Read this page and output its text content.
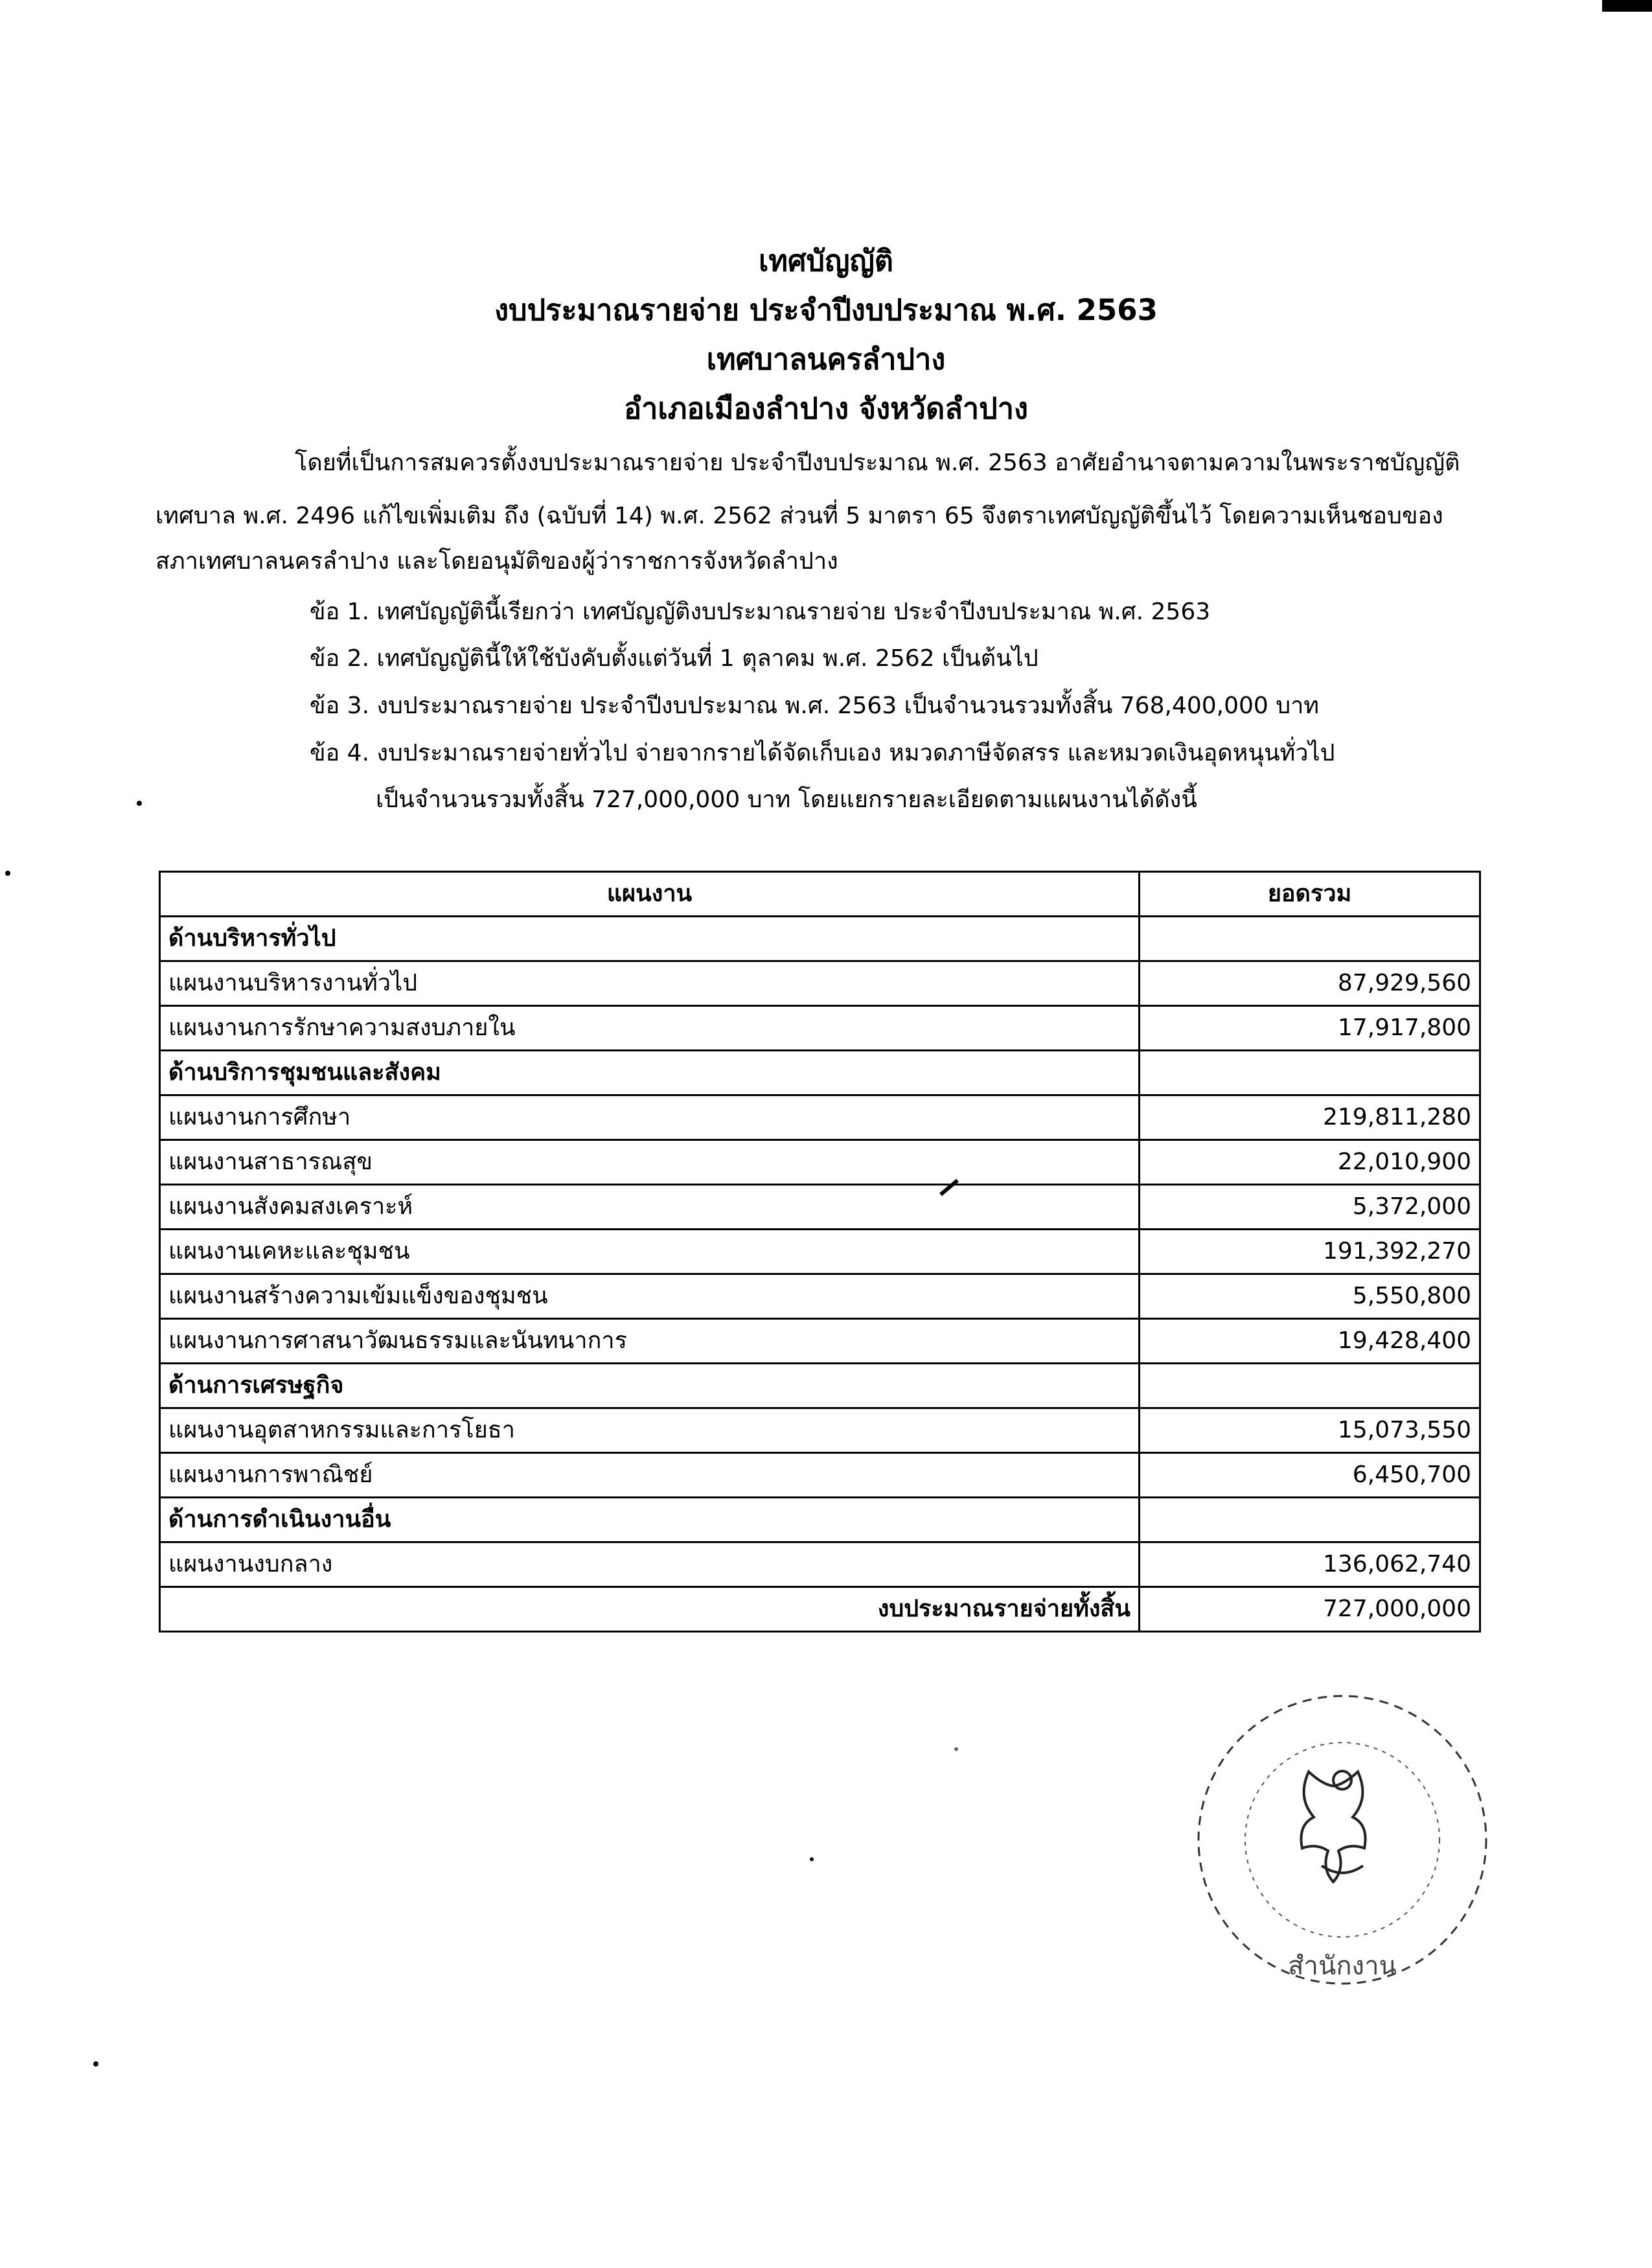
เทศบัญญัติ
งบประมาณรายจ่าย ประจำปีงบประมาณ พ.ศ. 2563
เทศบาลนครลำปาง
อำเภอเมืองลำปาง จังหวัดลำปาง
โดยที่เป็นการสมควรตั้งงบประมาณรายจ่าย ประจำปีงบประมาณ พ.ศ. 2563 อาศัยอำนาจตามความในพระราชบัญญัติ
เทศบาล พ.ศ. 2496 แก้ไขเพิ่มเติม ถึง (ฉบับที่ 14) พ.ศ. 2562 ส่วนที่ 5 มาตรา 65 จึงตราเทศบัญญัติขึ้นไว้ โดยความเห็นชอบของ
สภาเทศบาลนครลำปาง และโดยอนุมัติของผู้ว่าราชการจังหวัดลำปาง
ข้อ 1. เทศบัญญัตินี้เรียกว่า เทศบัญญัติงบประมาณรายจ่าย ประจำปีงบประมาณ พ.ศ. 2563
ข้อ 2. เทศบัญญัตินี้ให้ใช้บังคับตั้งแต่วันที่ 1 ตุลาคม พ.ศ. 2562 เป็นต้นไป
ข้อ 3. งบประมาณรายจ่าย ประจำปีงบประมาณ พ.ศ. 2563 เป็นจำนวนรวมทั้งสิ้น 768,400,000 บาท
ข้อ 4. งบประมาณรายจ่ายทั่วไป จ่ายจากรายได้จัดเก็บเอง หมวดภาษีจัดสรร และหมวดเงินอุดหนุนทั่วไป
เป็นจำนวนรวมทั้งสิ้น 727,000,000 บาท โดยแยกรายละเอียดตามแผนงานได้ดังนี้
แผนงาน	ยอดรวม
ด้านบริหารทั่วไป	
แผนงานบริหารงานทั่วไป	87,929,560
แผนงานการรักษาความสงบภายใน	17,917,800
ด้านบริการชุมชนและสังคม	
แผนงานการศึกษา	219,811,280
แผนงานสาธารณสุข	22,010,900
แผนงานสังคมสงเคราะห์	5,372,000
แผนงานเคหะและชุมชน	191,392,270
แผนงานสร้างความเข้มแข็งของชุมชน	5,550,800
แผนงานการศาสนาวัฒนธรรมและนันทนาการ	19,428,400
ด้านการเศรษฐกิจ	
แผนงานอุตสาหกรรมและการโยธา	15,073,550
แผนงานการพาณิชย์	6,450,700
ด้านการดำเนินงานอื่น	
แผนงานงบกลาง	136,062,740
งบประมาณรายจ่ายทั้งสิ้น	727,000,000
สำนักงาน
